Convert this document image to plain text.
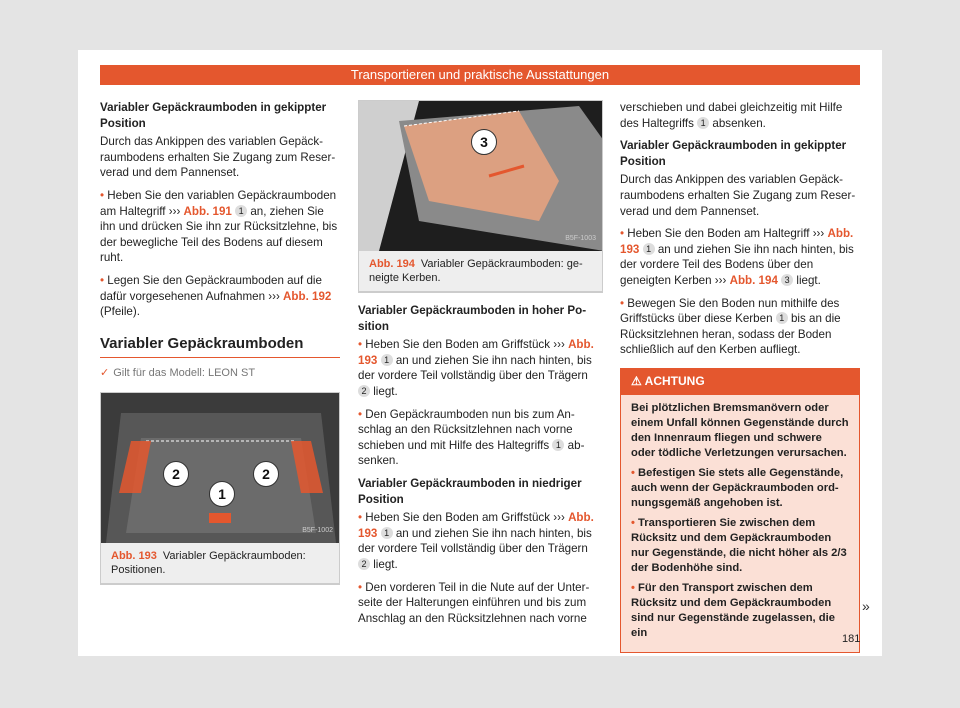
Transportieren und praktische Ausstattungen
Variabler Gepäckraumboden in gekippter Position

Durch das Ankippen des variablen Gepäckraumbodens erhalten Sie Zugang zum Reserverad und dem Pannenset.

• Heben Sie den variablen Gepäckraumboden am Haltegriff ››› Abb. 191 1 an, ziehen Sie ihn und drücken Sie ihn zur Rücksitzlehne, bis der bewegliche Teil des Bodens auf diesem ruht.

• Legen Sie den Gepäckraumboden auf die dafür vorgesehenen Aufnahmen ››› Abb. 192 (Pfeile).

Variabler Gepäckraumboden
✓ Gilt für das Modell: LEON ST
2	2
1
B5F-1002
Abb. 193 Variabler Gepäckraumboden: Positionen.
3
B5F-1003
Abb. 194 Variabler Gepäckraumboden: geneigte Kerben.
Variabler Gepäckraumboden in hoher Position

• Heben Sie den Boden am Griffstück ››› Abb. 193 1 an und ziehen Sie ihn nach hinten, bis der vordere Teil vollständig über den Trägern 2 liegt.

• Den Gepäckraumboden nun bis zum Anschlag an den Rücksitzlehnen nach vorne schieben und mit Hilfe des Haltegriffs 1 absenken.

Variabler Gepäckraumboden in niedriger Position

• Heben Sie den Boden am Griffstück ››› Abb. 193 1 an und ziehen Sie ihn nach hinten, bis der vordere Teil vollständig über den Trägern 2 liegt.

• Den vorderen Teil in die Nute auf der Unterseite der Halterungen einführen und bis zum Anschlag an den Rücksitzlehnen nach vorne

verschieben und dabei gleichzeitig mit Hilfe des Haltegriffs 1 absenken.

Variabler Gepäckraumboden in gekippter Position

Durch das Ankippen des variablen Gepäckraumbodens erhalten Sie Zugang zum Reserverad und dem Pannenset.

• Heben Sie den Boden am Haltegriff ››› Abb. 193 1 an und ziehen Sie ihn nach hinten, bis der vordere Teil des Bodens über den geneigten Kerben ››› Abb. 194 3 liegt.

• Bewegen Sie den Boden nun mithilfe des Griffstücks über diese Kerben 1 bis an die Rücksitzlehnen heran, sodass der Boden schließlich auf den Kerben aufliegt.

⚠ ACHTUNG

Bei plötzlichen Bremsmanövern oder einem Unfall können Gegenstände durch den Innenraum fliegen und schwere oder tödliche Verletzungen verursachen.

• Befestigen Sie stets alle Gegenstände, auch wenn der Gepäckraumboden ordnungsgemäß angehoben ist.

• Transportieren Sie zwischen dem Rücksitz und dem Gepäckraumboden nur Gegenstände, die nicht höher als 2/3 der Bodenhöhe sind.

• Für den Transport zwischen dem Rücksitz und dem Gepäckraumboden sind nur Gegenstände zugelassen, die ein

»
181
